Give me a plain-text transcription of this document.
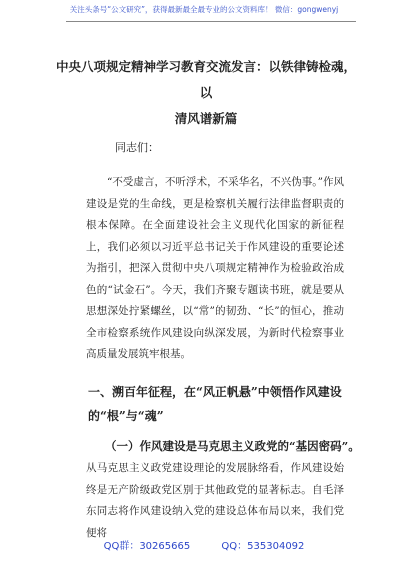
关注头条号“公文研究”，获得最新最全最专业的公文资料库！ 微信：gongwenyj
中央八项规定精神学习教育交流发言：以铁律铸检魂，以
清风谱新篇
同志们：
“不受虚言，不听浮术，不采华名，不兴伪事。”作风建设是党的生命线，更是检察机关履行法律监督职责的根本保障。在全面建设社会主义现代化国家的新征程上，我们必须以习近平总书记关于作风建设的重要论述为指引，把深入贯彻中央八项规定精神作为检验政治成色的“试金石”。今天，我们齐聚专题读书班，就是要从思想深处拧紧螺丝，以“常”的韧劲、“长”的恒心，推动全市检察系统作风建设向纵深发展，为新时代检察事业高质量发展筑牢根基。
一、溯百年征程，在“风正帆悬”中领悟作风建设的“根”与“魂”
（一）作风建设是马克思主义政党的“基因密码”。
从马克思主义政党建设理论的发展脉络看，作风建设始终是无产阶级政党区别于其他政党的显著标志。自毛泽东同志将作风建设纳入党的建设总体布局以来，我们党便将
QQ群：30265665	QQ：535304092
